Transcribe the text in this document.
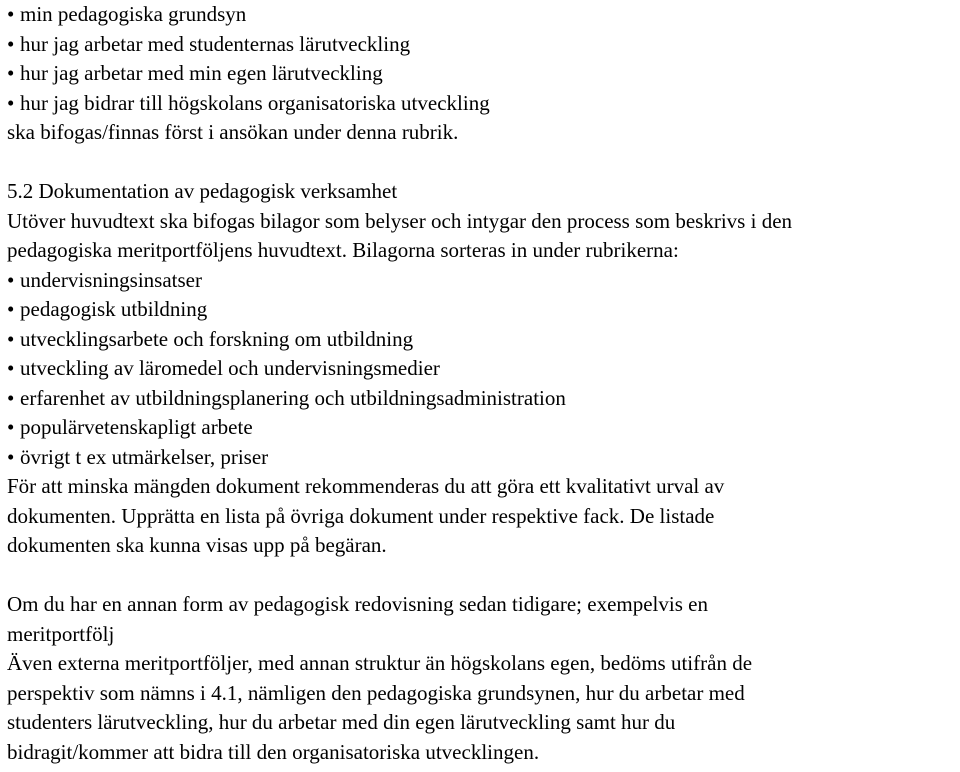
• min pedagogiska grundsyn
• hur jag arbetar med studenternas lärutveckling
• hur jag arbetar med min egen lärutveckling
• hur jag bidrar till högskolans organisatoriska utveckling
ska bifogas/finnas först i ansökan under denna rubrik.
5.2 Dokumentation av pedagogisk verksamhet
Utöver huvudtext ska bifogas bilagor som belyser och intygar den process som beskrivs i den
pedagogiska meritportföljens huvudtext. Bilagorna sorteras in under rubrikerna:
• undervisningsinsatser
• pedagogisk utbildning
• utvecklingsarbete och forskning om utbildning
• utveckling av läromedel och undervisningsmedier
• erfarenhet av utbildningsplanering och utbildningsadministration
• populärvetenskapligt arbete
• övrigt t ex utmärkelser, priser
För att minska mängden dokument rekommenderas du att göra ett kvalitativt urval av
dokumenten. Upprätta en lista på övriga dokument under respektive fack. De listade
dokumenten ska kunna visas upp på begäran.
Om du har en annan form av pedagogisk redovisning sedan tidigare; exempelvis en
meritportfölj
Även externa meritportföljer, med annan struktur än högskolans egen, bedöms utifrån de
perspektiv som nämns i 4.1, nämligen den pedagogiska grundsynen, hur du arbetar med
studenters lärutveckling, hur du arbetar med din egen lärutveckling samt hur du
bidragit/kommer att bidra till den organisatoriska utvecklingen.
